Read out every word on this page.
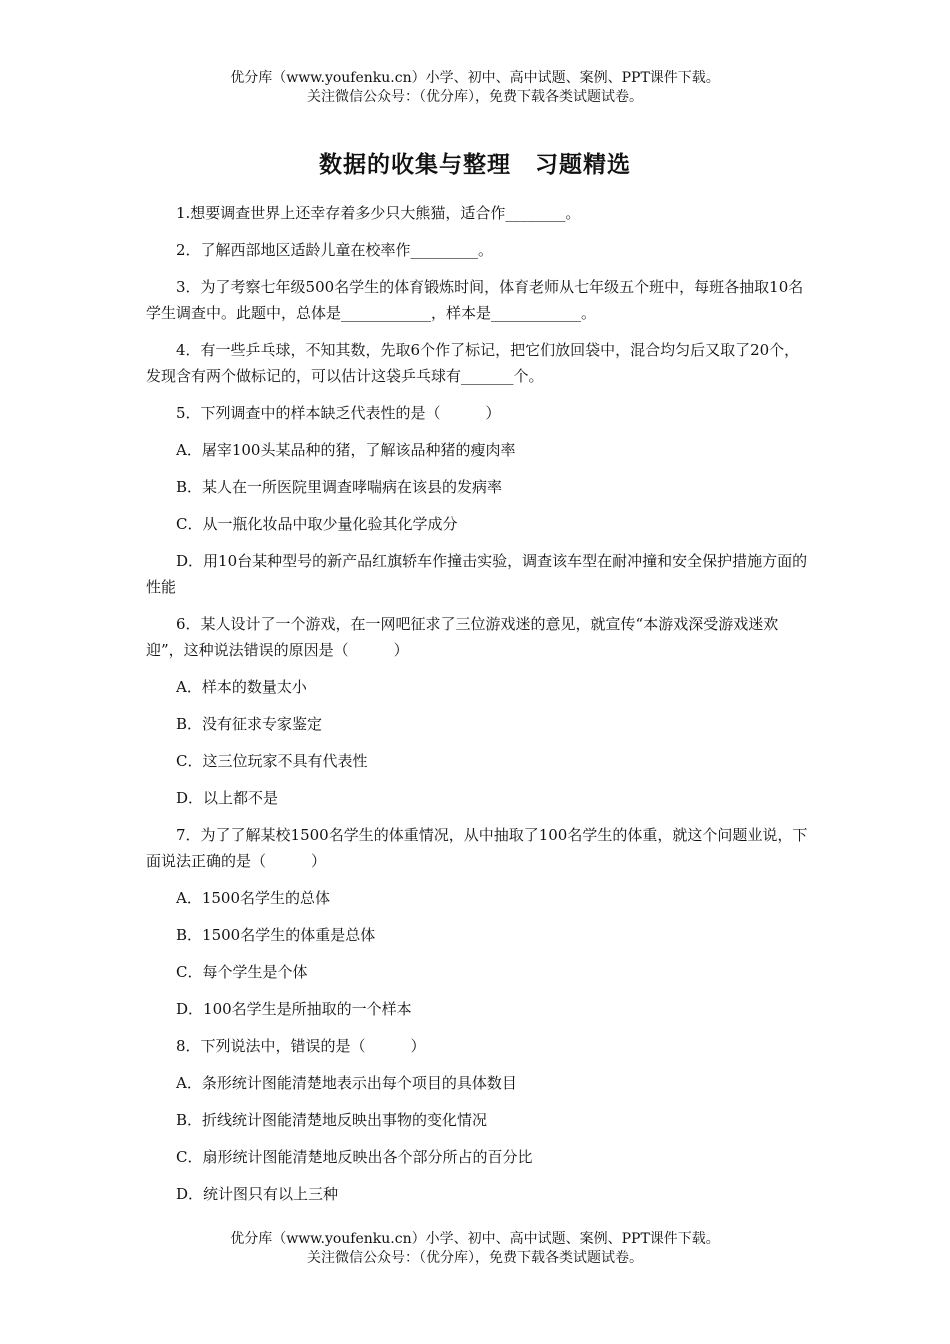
优分库（www.youfenku.cn）小学、初中、高中试题、案例、PPT课件下载。
关注微信公众号：（优分库），免费下载各类试题试卷。
数据的收集与整理　习题精选

1.想要调查世界上还幸存着多少只大熊猫，适合作________。

2．了解西部地区适龄儿童在校率作_________。

3．为了考察七年级500名学生的体育锻炼时间，体育老师从七年级五个班中，每班各抽取10名学生调查中。此题中，总体是____________，样本是____________。

4．有一些乒乓球，不知其数，先取6个作了标记，把它们放回袋中，混合均匀后又取了20个，发现含有两个做标记的，可以估计这袋乒乓球有_______个。

5．下列调查中的样本缺乏代表性的是（　　　）

A．屠宰100头某品种的猪，了解该品种猪的瘦肉率

B．某人在一所医院里调查哮喘病在该县的发病率

C．从一瓶化妆品中取少量化验其化学成分

D．用10台某种型号的新产品红旗轿车作撞击实验，调查该车型在耐冲撞和安全保护措施方面的性能

6．某人设计了一个游戏，在一网吧征求了三位游戏迷的意见，就宣传“本游戏深受游戏迷欢迎”，这种说法错误的原因是（　　　）

A．样本的数量太小

B．没有征求专家鉴定

C．这三位玩家不具有代表性

D．以上都不是

7．为了了解某校1500名学生的体重情况，从中抽取了100名学生的体重，就这个问题业说，下面说法正确的是（　　　）

A．1500名学生的总体

B．1500名学生的体重是总体

C．每个学生是个体

D．100名学生是所抽取的一个样本

8．下列说法中，错误的是（　　　）

A．条形统计图能清楚地表示出每个项目的具体数目

B．折线统计图能清楚地反映出事物的变化情况

C．扇形统计图能清楚地反映出各个部分所占的百分比

D．统计图只有以上三种

优分库（www.youfenku.cn）小学、初中、高中试题、案例、PPT课件下载。
关注微信公众号：（优分库），免费下载各类试题试卷。
